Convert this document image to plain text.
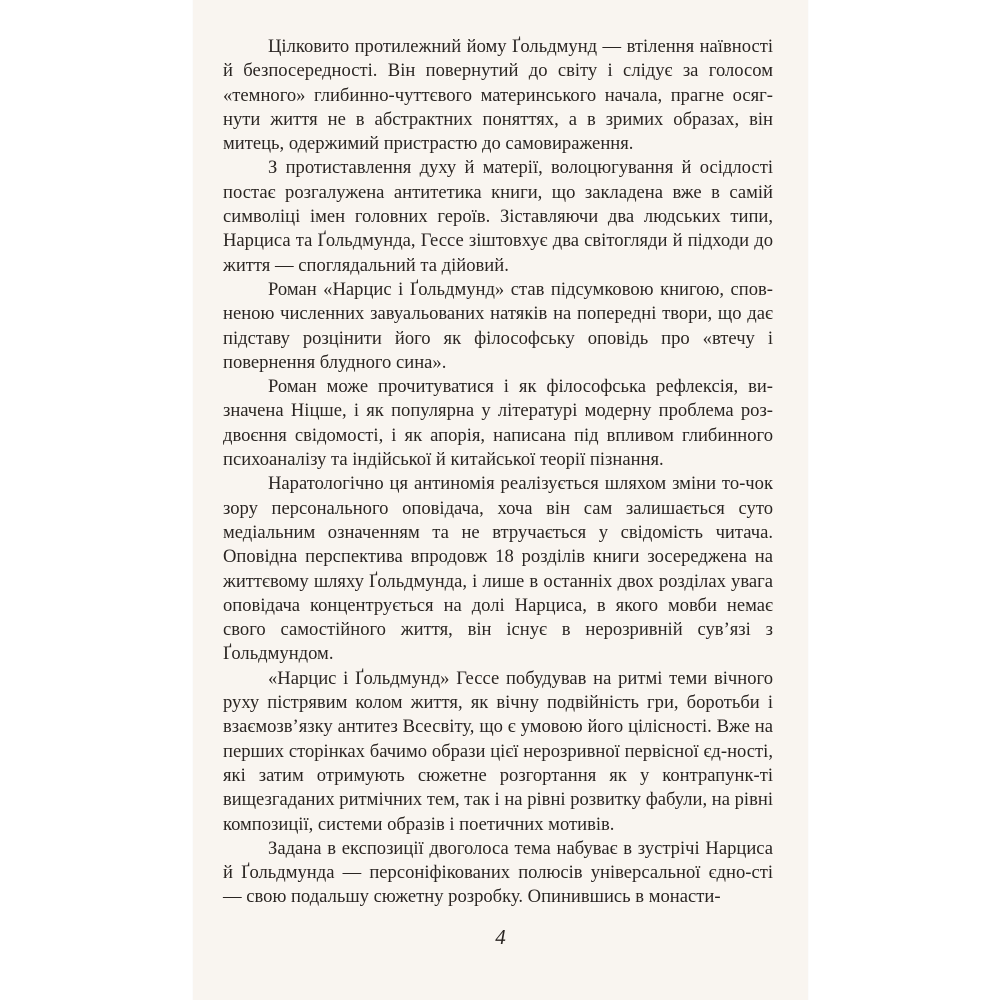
Цілковито протилежний йому Ґольдмунд — втілення наївності й безпосередності. Він повернутий до світу і слідує за голосом «темного» глибинно-чуттєвого материнського начала, прагне осяг-нути життя не в абстрактних поняттях, а в зримих образах, він митець, одержимий пристрастю до самовираження.

З протиставлення духу й матерії, волоцюгування й осідлості постає розгалужена антитетика книги, що закладена вже в самій символіці імен головних героїв. Зіставляючи два людських типи, Нарциса та Ґольдмунда, Гессе зіштовхує два світогляди й підходи до життя — споглядальний та дійовий.

Роман «Нарцис і Ґольдмунд» став підсумковою книгою, спов-неною численних завуальованих натяків на попередні твори, що дає підставу розцінити його як філософську оповідь про «втечу і повернення блудного сина».

Роман може прочитуватися і як філософська рефлексія, ви-значена Ніцше, і як популярна у літературі модерну проблема роз-двоєння свідомості, і як апорія, написана під впливом глибинного психоаналізу та індійської й китайської теорії пізнання.

Наратологічно ця антиномія реалізується шляхом зміни то-чок зору персонального оповідача, хоча він сам залишається суто медіальним означенням та не втручається у свідомість читача. Оповідна перспектива впродовж 18 розділів книги зосереджена на життєвому шляху Ґольдмунда, і лише в останніх двох розділах увага оповідача концентрується на долі Нарциса, в якого мовби немає свого самостійного життя, він існує в нерозривній сув’язі з Ґольдмундом.

«Нарцис і Ґольдмунд» Гессе побудував на ритмі теми вічного руху пістрявим колом життя, як вічну подвійність гри, боротьби і взаємозв’язку антитез Всесвіту, що є умовою його цілісності. Вже на перших сторінках бачимо образи цієї нерозривної первісної єд-ності, які затим отримують сюжетне розгортання як у контрапунк-ті вищезгаданих ритмічних тем, так і на рівні розвитку фабули, на рівні композиції, системи образів і поетичних мотивів.

Задана в експозиції двоголоса тема набуває в зустрічі Нарциса й Ґольдмунда — персоніфікованих полюсів універсальної єдно-сті — свою подальшу сюжетну розробку. Опинившись в монасти-

4
